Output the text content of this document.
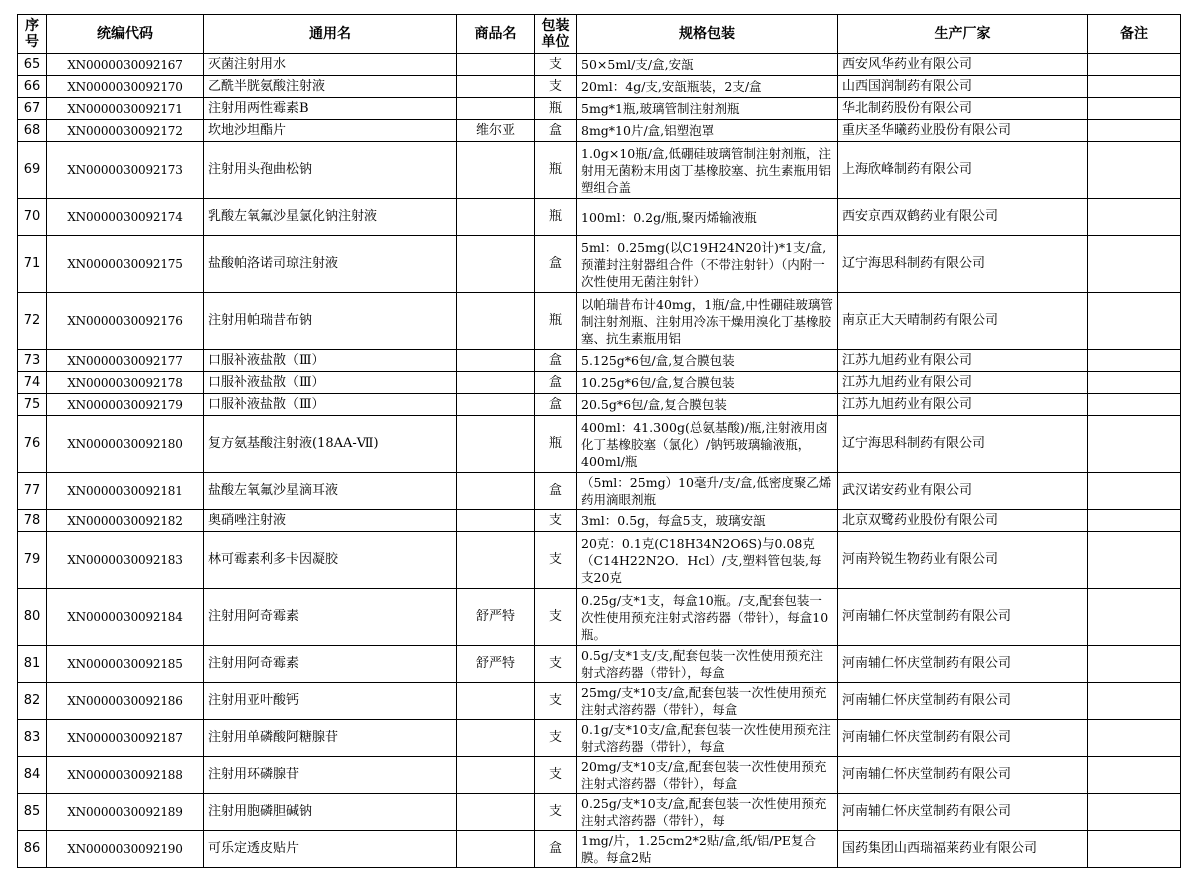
序号	统编代码	通用名	商品名	包装单位	规格包装	生产厂家	备注
65	XN0000030092167	灭菌注射用水		支	50×5ml/支/盒,安瓿	西安风华药业有限公司	
66	XN0000030092170	乙酰半胱氨酸注射液		支	20ml：4g/支,安瓿瓶装，2支/盒	山西国润制药有限公司	
67	XN0000030092171	注射用两性霉素B		瓶	5mg*1瓶,玻璃管制注射剂瓶	华北制药股份有限公司	
68	XN0000030092172	坎地沙坦酯片	维尔亚	盒	8mg*10片/盒,铝塑泡罩	重庆圣华曦药业股份有限公司	
69	XN0000030092173	注射用头孢曲松钠		瓶	1.0g×10瓶/盒,低硼硅玻璃管制注射剂瓶，注射用无菌粉末用卤丁基橡胶塞、抗生素瓶用铝塑组合盖	上海欣峰制药有限公司	
70	XN0000030092174	乳酸左氧氟沙星氯化钠注射液		瓶	100ml：0.2g/瓶,聚丙烯输液瓶	西安京西双鹤药业有限公司	
71	XN0000030092175	盐酸帕洛诺司琼注射液		盒	5ml：0.25mg(以C19H24N20计)*1支/盒,预灌封注射器组合件（不带注射针）（内附一次性使用无菌注射针）	辽宁海思科制药有限公司	
72	XN0000030092176	注射用帕瑞昔布钠		瓶	以帕瑞昔布计40mg，1瓶/盒,中性硼硅玻璃管制注射剂瓶、注射用冷冻干燥用溴化丁基橡胶塞、抗生素瓶用铝	南京正大天晴制药有限公司	
73	XN0000030092177	口服补液盐散（Ⅲ）		盒	5.125g*6包/盒,复合膜包装	江苏九旭药业有限公司	
74	XN0000030092178	口服补液盐散（Ⅲ）		盒	10.25g*6包/盒,复合膜包装	江苏九旭药业有限公司	
75	XN0000030092179	口服补液盐散（Ⅲ）		盒	20.5g*6包/盒,复合膜包装	江苏九旭药业有限公司	
76	XN0000030092180	复方氨基酸注射液(18AA-Ⅶ)		瓶	400ml：41.300g(总氨基酸)/瓶,注射液用卤化丁基橡胶塞（氯化）/钠钙玻璃输液瓶，400ml/瓶	辽宁海思科制药有限公司	
77	XN0000030092181	盐酸左氧氟沙星滴耳液		盒	（5ml：25mg）10毫升/支/盒,低密度聚乙烯药用滴眼剂瓶	武汉诺安药业有限公司	
78	XN0000030092182	奥硝唑注射液		支	3ml：0.5g，每盒5支，玻璃安瓿	北京双鹭药业股份有限公司	
79	XN0000030092183	林可霉素利多卡因凝胶		支	20克：0.1克(C18H34N2O6S)与0.08克（C14H22N2O．Hcl）/支,塑料管包装,每支20克	河南羚锐生物药业有限公司	
80	XN0000030092184	注射用阿奇霉素	舒严特	支	0.25g/支*1支，每盒10瓶。/支,配套包装一次性使用预充注射式溶药器（带针），每盒10瓶。	河南辅仁怀庆堂制药有限公司	
81	XN0000030092185	注射用阿奇霉素	舒严特	支	0.5g/支*1支/支,配套包装一次性使用预充注射式溶药器（带针），每盒	河南辅仁怀庆堂制药有限公司	
82	XN0000030092186	注射用亚叶酸钙		支	25mg/支*10支/盒,配套包装一次性使用预充注射式溶药器（带针），每盒	河南辅仁怀庆堂制药有限公司	
83	XN0000030092187	注射用单磷酸阿糖腺苷		支	0.1g/支*10支/盒,配套包装一次性使用预充注射式溶药器（带针），每盒	河南辅仁怀庆堂制药有限公司	
84	XN0000030092188	注射用环磷腺苷		支	20mg/支*10支/盒,配套包装一次性使用预充注射式溶药器（带针），每盒	河南辅仁怀庆堂制药有限公司	
85	XN0000030092189	注射用胞磷胆碱钠		支	0.25g/支*10支/盒,配套包装一次性使用预充注射式溶药器（带针），每	河南辅仁怀庆堂制药有限公司	
86	XN0000030092190	可乐定透皮贴片		盒	1mg/片，1.25cm2*2贴/盒,纸/铝/PE复合膜。每盒2贴	国药集团山西瑞福莱药业有限公司	
